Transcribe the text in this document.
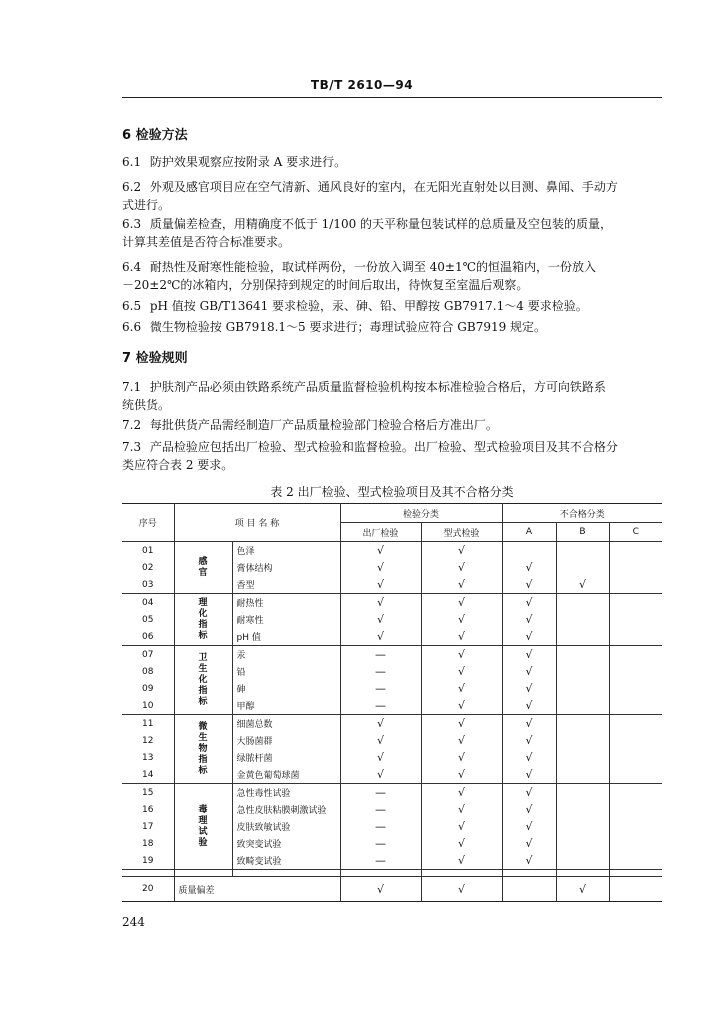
TB/T 2610—94
6 检验方法
6.1 防护效果观察应按附录 A 要求进行。
6.2 外观及感官项目应在空气清新、通风良好的室内，在无阳光直射处以目测、鼻闻、手动方
式进行。
6.3 质量偏差检查，用精确度不低于 1/100 的天平称量包装试样的总质量及空包装的质量，
计算其差值是否符合标准要求。
6.4 耐热性及耐寒性能检验，取试样两份，一份放入调至 40±1℃的恒温箱内，一份放入
－20±2℃的冰箱内，分别保持到规定的时间后取出，待恢复至室温后观察。
6.5 pH 值按 GB/T13641 要求检验，汞、砷、铅、甲醇按 GB7917.1～4 要求检验。
6.6 微生物检验按 GB7918.1～5 要求进行；毒理试验应符合 GB7919 规定。
7 检验规则
7.1 护肤剂产品必须由铁路系统产品质量监督检验机构按本标准检验合格后，方可向铁路系
统供货。
7.2 每批供货产品需经制造厂产品质量检验部门检验合格后方准出厂。
7.3 产品检验应包括出厂检验、型式检验和监督检验。出厂检验、型式检验项目及其不合格分
类应符合表 2 要求。
表 2 出厂检验、型式检验项目及其不合格分类
序号	项 目 名 称		检验分类		不合格分类		
			出厂检验	型式检验	A	B	C
01	感官	色泽	√	√			
02		膏体结构	√	√	√		
03		香型	√	√	√	√	
04	理化指标	耐热性	√	√	√		
05		耐寒性	√	√	√		
06		pH 值	√	√	√		
07	卫生化指标	汞	—	√	√		
08		铅	—	√	√		
09		砷	—	√	√		
10		甲醇	—	√	√		
11	微生物指标	细菌总数	√	√	√		
12		大肠菌群	√	√	√		
13		绿脓杆菌	√	√	√		
14		金黄色葡萄球菌	√	√	√		
15	毒理试验	急性毒性试验	—	√	√		
16		急性皮肤粘膜刺激试验	—	√	√		
17		皮肤致敏试验	—	√	√		
18		致突变试验	—	√	√		
19		致畸变试验	—	√	√		

20	质量偏差		√	√		√	
244
